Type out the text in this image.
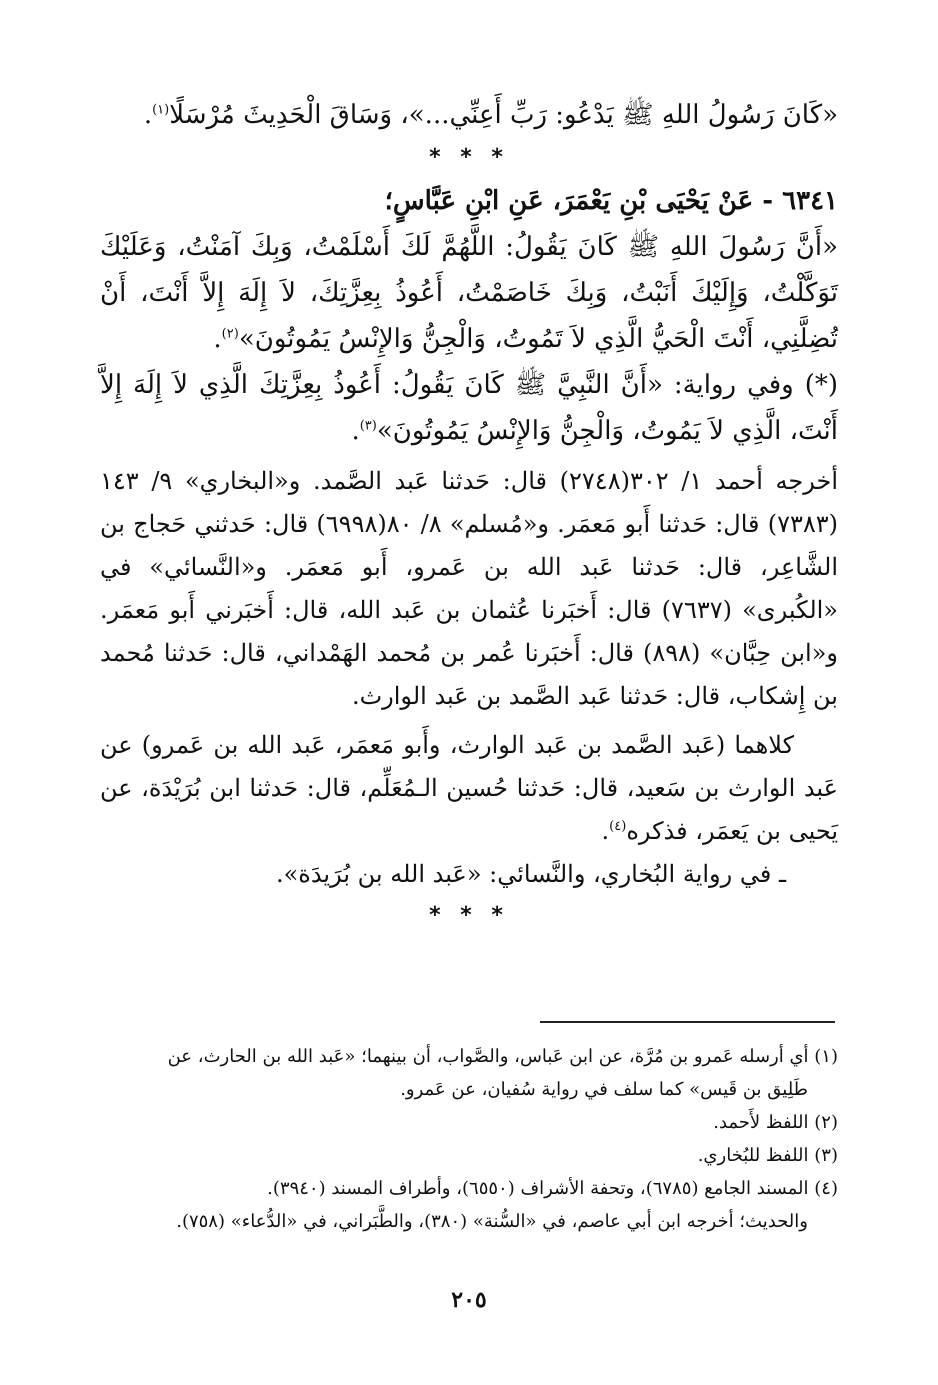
«كَانَ رَسُولُ اللهِ ﷺ يَدْعُو: رَبِّ أَعِنِّي...»، وَسَاقَ الْحَدِيثَ مُرْسَلًا$^{(١)}$.

* * *

٦٣٤١ - عَنْ يَحْيَى بْنِ يَعْمَرَ، عَنِ ابْنِ عَبَّاسٍ؛

«أَنَّ رَسُولَ اللهِ ﷺ كَانَ يَقُولُ: اللَّهُمَّ لَكَ أَسْلَمْتُ، وَبِكَ آمَنْتُ، وَعَلَيْكَ تَوَكَّلْتُ، وَإِلَيْكَ أَنَبْتُ، وَبِكَ خَاصَمْتُ، أَعُوذُ بِعِزَّتِكَ، لاَ إِلَهَ إِلاَّ أَنْتَ، أَنْ تُضِلَّنِي، أَنْتَ الْحَيُّ الَّذِي لاَ تَمُوتُ، وَالْجِنُّ وَالإِنْسُ يَمُوتُونَ»$^{(٢)}$.

(*) وفي رواية: «أَنَّ النَّبِيَّ ﷺ كَانَ يَقُولُ: أَعُوذُ بِعِزَّتِكَ الَّذِي لاَ إِلَهَ إِلاَّ أَنْتَ، الَّذِي لاَ يَمُوتُ، وَالْجِنُّ وَالإِنْسُ يَمُوتُونَ»$^{(٣)}$.

أخرجه أحمد ١/ ٣٠٢(٢٧٤٨) قال: حَدثنا عَبد الصَّمد. و«البخاري» ٩/ ١٤٣ (٧٣٨٣) قال: حَدثنا أَبو مَعمَر. و«مُسلم» ٨/ ٨٠(٦٩٩٨) قال: حَدثني حَجاج بن الشَّاعِر، قال: حَدثنا عَبد الله بن عَمرو، أَبو مَعمَر. و«النَّسائي» في «الكُبرى» (٧٦٣٧) قال: أَخبَرنا عُثمان بن عَبد الله، قال: أَخبَرني أَبو مَعمَر. و«ابن حِبَّان» (٨٩٨) قال: أَخبَرنا عُمر بن مُحمد الهَمْداني، قال: حَدثنا مُحمد بن إِشكاب، قال: حَدثنا عَبد الصَّمد بن عَبد الوارث.

كلاهما (عَبد الصَّمد بن عَبد الوارث، وأَبو مَعمَر، عَبد الله بن عَمرو) عن عَبد الوارث بن سَعيد، قال: حَدثنا حُسين الـمُعَلِّم، قال: حَدثنا ابن بُرَيْدَة، عن يَحيى بن يَعمَر، فذكره$^{(٤)}$.

ـ في رواية البُخاري، والنَّسائي: «عَبد الله بن بُرَيدَة».

* * *

(١) أي أرسله عَمرو بن مُرَّة، عن ابن عَباس، والصَّواب، أن بينهما؛ «عَبد الله بن الحارث، عن

طَلِيق بن قَيس» كما سلف في رواية سُفيان، عن عَمرو.

(٢) اللفظ لأَحمد.

(٣) اللفظ للبُخاري.

(٤) المسند الجامع (٦٧٨٥)، وتحفة الأشراف (٦٥٥٠)، وأطراف المسند (٣٩٤٠).

والحديث؛ أخرجه ابن أبي عاصم، في «السُّنة» (٣٨٠)، والطَّبَراني، في «الدُّعاء» (٧٥٨).

٢٠٥
